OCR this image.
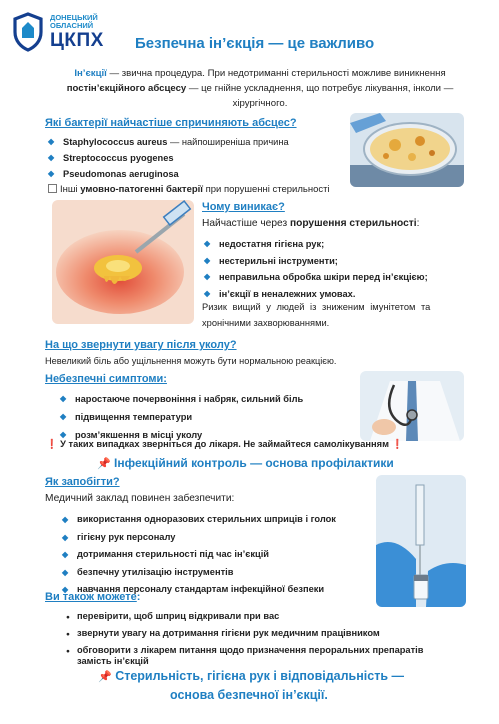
ДОНЕЦЬКИЙ ОБЛАСНИЙ
ЦКПХ Безпечна ін’єкція — це важливо
Ін’єкції — звична процедура. При недотриманні стерильності можливе виникнення постін’єкційного абсцесу — це гнійне ускладнення, що потребує лікування, інколи — хірургічного.
Які бактерії найчастіше спричиняють абсцес?
◆ Staphylococcus aureus — найпоширеніша причина
◆ Streptococcus pyogenes
◆ Pseudomonas aeruginosa
Інші умовно-патогенні бактерії при порушенні стерильності
Чому виникає?
Найчастіше через порушення стерильності:
◆ недостатня гігієна рук;
◆ нестерильні інструменти;
◆ неправильна обробка шкіри перед ін’єкцією;
◆ ін’єкції в неналежних умовах.
Ризик вищий у людей із зниженим імунітетом та
хронічними захворюваннями.
На що звернути увагу після уколу?
Невеликий біль або ущільнення можуть бути нормальною реакцією.
Небезпечні симптоми:
◆ наростаюче почервоніння і набряк, сильний біль
◆ підвищення температури
◆ розм’якшення в місці уколу
❗ У таких випадках зверніться до лікаря. Не займайтеся самолікуванням ❗
📌 Інфекційний контроль — основа профілактики
Як запобігти?
Медичний заклад повинен забезпечити:
◆ використання одноразових стерильних шприців і голок
◆ гігієну рук персоналу
◆ дотримання стерильності під час ін’єкцій
◆ безпечну утилізацію інструментів
◆ навчання персоналу стандартам інфекційної безпеки
Ви також можете:
● перевірити, щоб шприц відкривали при вас
● звернути увагу на дотримання гігієни рук медичним працівником
● обговорити з лікарем питання щодо призначення перорaльних препаратів
замість ін’єкцій
📌 Стерильність, гігієна рук і відповідальність —
основа безпечної ін’єкції.
